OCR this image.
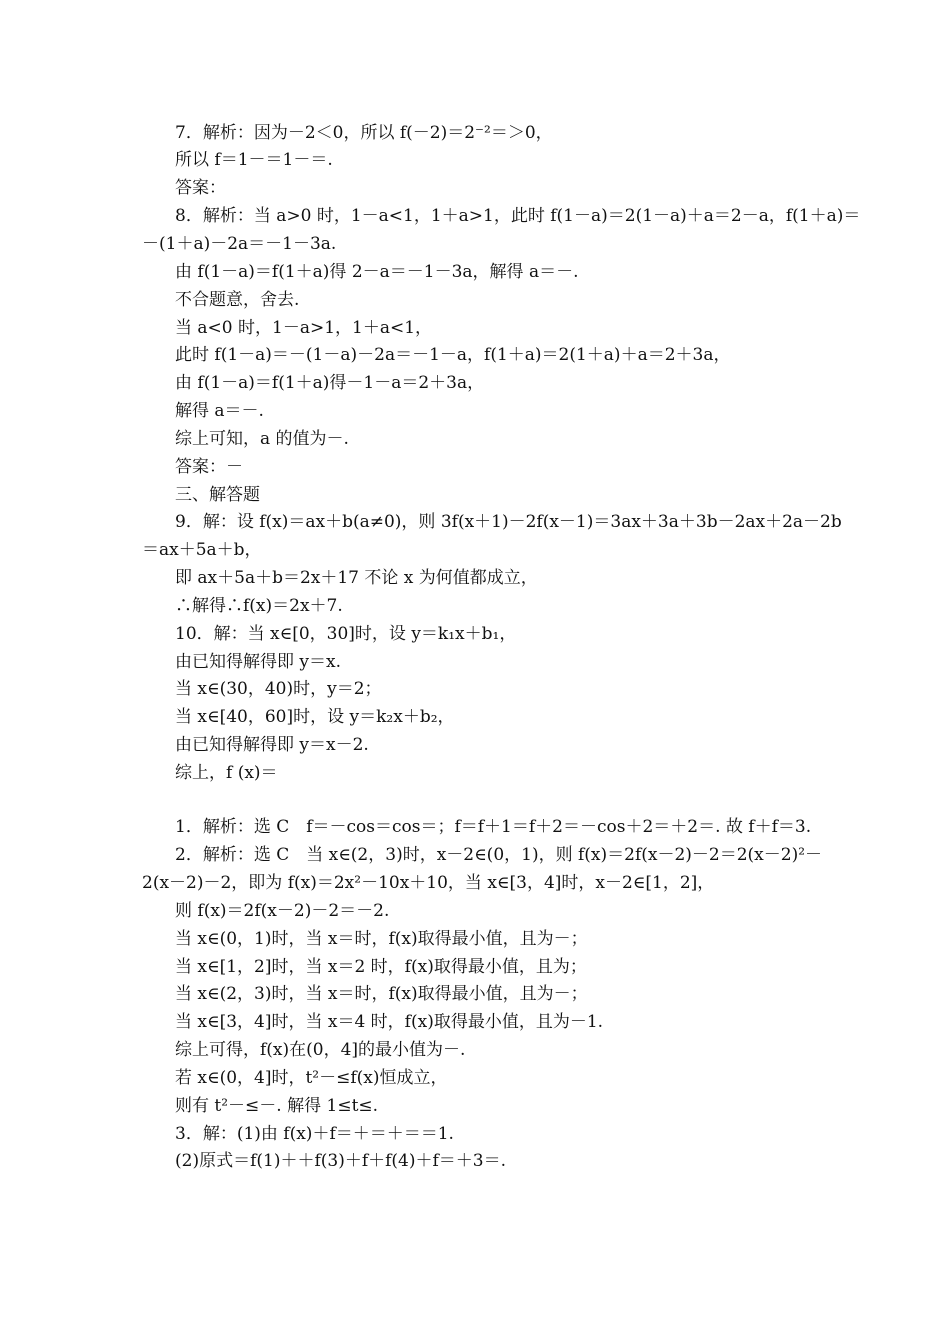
7．解析：因为－2＜0，所以 f(－2)＝2⁻²＝＞0，
所以 f＝1－＝1－＝.
答案：
8．解析：当 a>0 时，1－a<1，1＋a>1，此时 f(1－a)＝2(1－a)＋a＝2－a，f(1＋a)＝
－(1＋a)－2a＝－1－3a.
由 f(1－a)＝f(1＋a)得 2－a＝－1－3a，解得 a＝－.
不合题意，舍去.
当 a<0 时，1－a>1，1＋a<1，
此时 f(1－a)＝－(1－a)－2a＝－1－a，f(1＋a)＝2(1＋a)＋a＝2＋3a，
由 f(1－a)＝f(1＋a)得－1－a＝2＋3a，
解得 a＝－.
综上可知，a 的值为－.
答案：－
三、解答题
9．解：设 f(x)＝ax＋b(a≠0)，则 3f(x＋1)－2f(x－1)＝3ax＋3a＋3b－2ax＋2a－2b
＝ax＋5a＋b，
即 ax＋5a＋b＝2x＋17 不论 x 为何值都成立，
∴解得∴f(x)＝2x＋7.
10．解：当 x∈[0，30]时，设 y＝k₁x＋b₁，
由已知得解得即 y＝x.
当 x∈(30，40)时，y＝2；
当 x∈[40，60]时，设 y＝k₂x＋b₂，
由已知得解得即 y＝x－2.
综上，f (x)＝
1．解析：选 C　f＝－cos＝cos＝；f＝f＋1＝f＋2＝－cos＋2＝＋2＝. 故 f＋f＝3.
2．解析：选 C　当 x∈(2，3)时，x－2∈(0，1)，则 f(x)＝2f(x－2)－2＝2(x－2)²－
2(x－2)－2，即为 f(x)＝2x²－10x＋10，当 x∈[3，4]时，x－2∈[1，2]，
则 f(x)＝2f(x－2)－2＝－2.
当 x∈(0，1)时，当 x＝时，f(x)取得最小值，且为－；
当 x∈[1，2]时，当 x＝2 时，f(x)取得最小值，且为；
当 x∈(2，3)时，当 x＝时，f(x)取得最小值，且为－；
当 x∈[3，4]时，当 x＝4 时，f(x)取得最小值，且为－1.
综上可得，f(x)在(0，4]的最小值为－.
若 x∈(0，4]时，t²－≤f(x)恒成立，
则有 t²－≤－. 解得 1≤t≤.
3．解：(1)由 f(x)＋f＝＋＝＋＝＝1.
(2)原式＝f(1)＋＋f(3)＋f＋f(4)＋f＝＋3＝.
